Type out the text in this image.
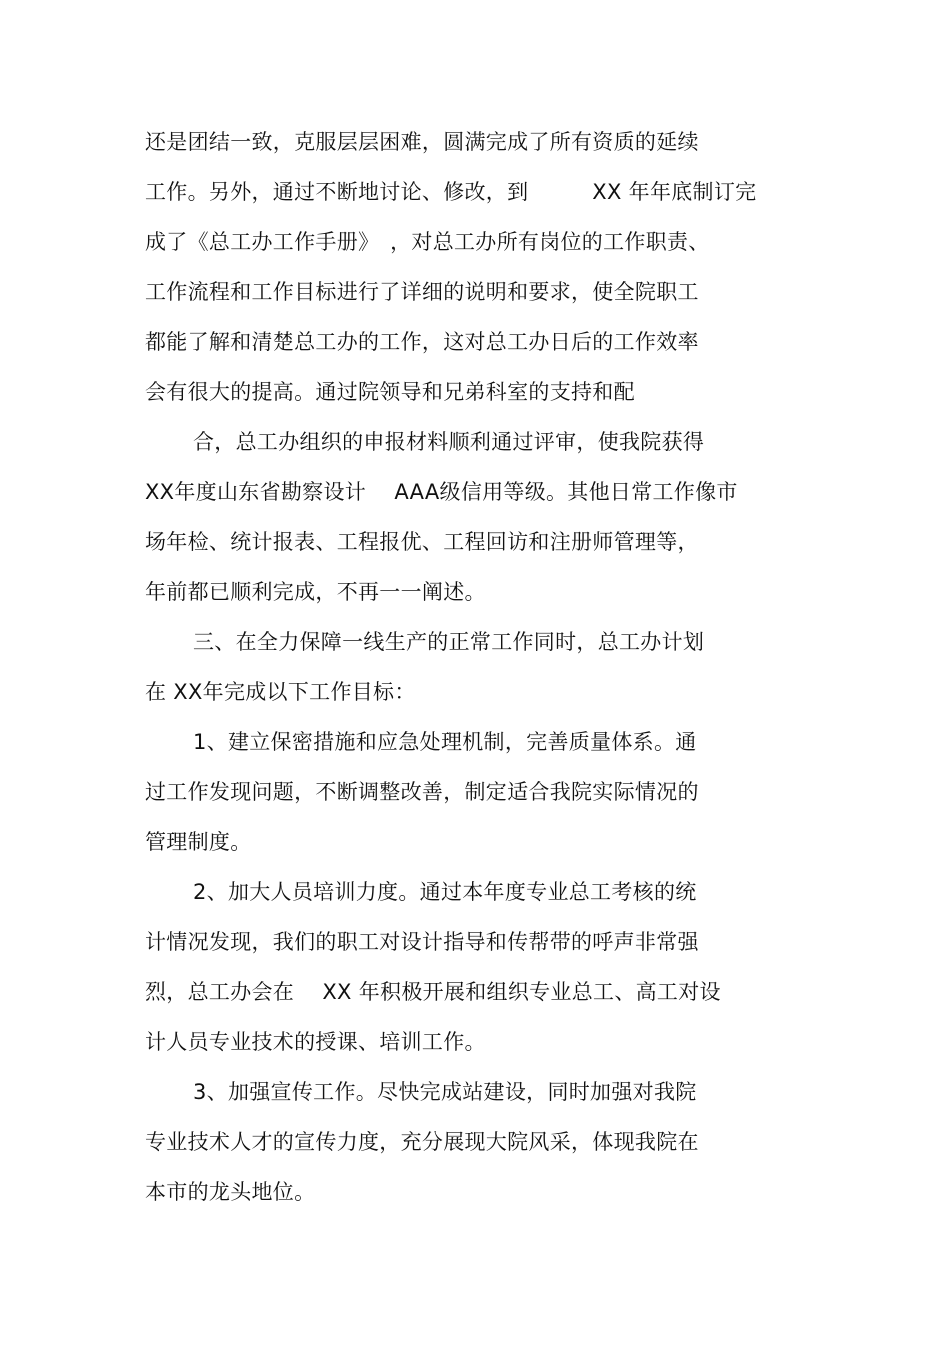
还是团结一致，克服层层困难，圆满完成了所有资质的延续
工作。另外，通过不断地讨论、修改，到　　　XX 年年底制订完
成了《总工办工作手册》　，对总工办所有岗位的工作职责、
工作流程和工作目标进行了详细的说明和要求，使全院职工
都能了解和清楚总工办的工作，这对总工办日后的工作效率
会有很大的提高。通过院领导和兄弟科室的支持和配
合，总工办组织的申报材料顺利通过评审，使我院获得
XX年度山东省勘察设计　 AAA级信用等级。其他日常工作像市
场年检、统计报表、工程报优、工程回访和注册师管理等，
年前都已顺利完成，不再一一阐述。
三、在全力保障一线生产的正常工作同时，总工办计划
在 XX年完成以下工作目标：
1、建立保密措施和应急处理机制，完善质量体系。通
过工作发现问题，不断调整改善，制定适合我院实际情况的
管理制度。
2、加大人员培训力度。通过本年度专业总工考核的统
计情况发现，我们的职工对设计指导和传帮带的呼声非常强
烈，总工办会在　 XX 年积极开展和组织专业总工、高工对设
计人员专业技术的授课、培训工作。
3、加强宣传工作。尽快完成站建设，同时加强对我院
专业技术人才的宣传力度，充分展现大院风采，体现我院在
本市的龙头地位。
